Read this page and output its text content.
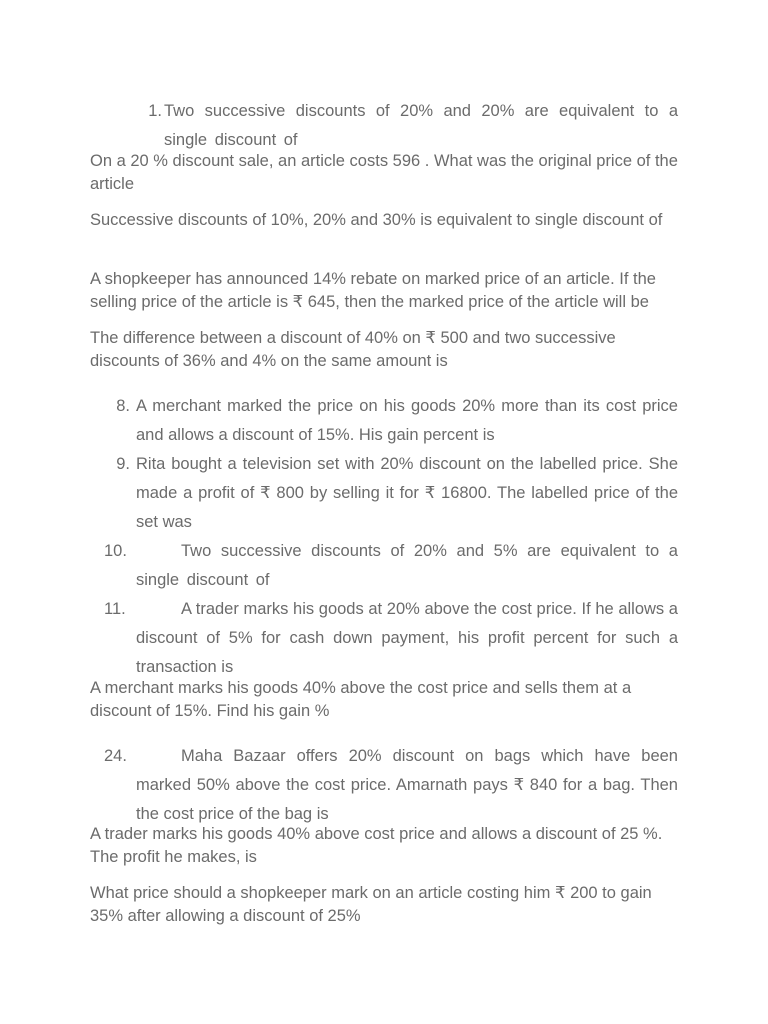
1. Two successive discounts of 20% and 20% are equivalent to a single discount of

On a 20 % discount sale, an article costs 596 . What was the original price of the article

Successive discounts of 10%, 20% and 30% is equivalent to single discount of

A shopkeeper has announced 14% rebate on marked price of an article. If the selling price of the article is ₹ 645, then the marked price of the article will be

The difference between a discount of 40% on ₹ 500 and two successive discounts of 36% and 4% on the same amount is

8. A merchant marked the price on his goods 20% more than its cost price and allows a discount of 15%. His gain percent is
9. Rita bought a television set with 20% discount on the labelled price. She made a profit of ₹ 800 by selling it for ₹ 16800. The labelled price of the set was
10.	Two successive discounts of 20% and 5% are equivalent to a single discount of
11.	A trader marks his goods at 20% above the cost price. If he allows a discount of 5% for cash down payment, his profit percent for such a transaction is

A merchant marks his goods 40% above the cost price and sells them at a discount of 15%. Find his gain %

24.	Maha Bazaar offers 20% discount on bags which have been marked 50% above the cost price. Amarnath pays ₹ 840 for a bag. Then the cost price of the bag is

A trader marks his goods 40% above cost price and allows a discount of 25 %. The profit he makes, is

What price should a shopkeeper mark on an article costing him ₹ 200 to gain 35% after allowing a discount of 25%
